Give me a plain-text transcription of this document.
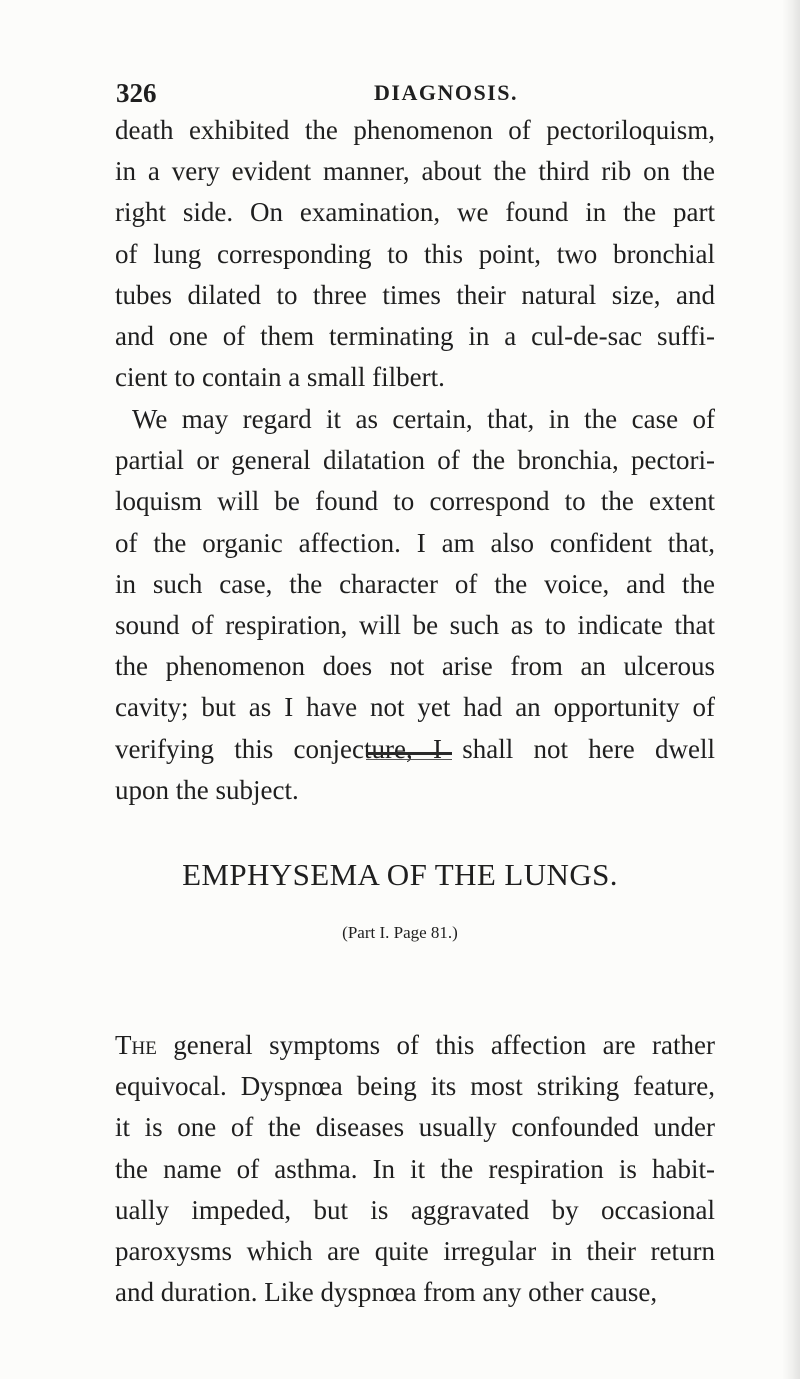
326	DIAGNOSIS.
death exhibited the phenomenon of pectoriloquism,
in a very evident manner, about the third rib on the
right side. On examination, we found in the part
of lung corresponding to this point, two bronchial
tubes dilated to three times their natural size, and
and one of them terminating in a cul-de-sac suffi-
cient to contain a small filbert.
We may regard it as certain, that, in the case of
partial or general dilatation of the bronchia, pectori-
loquism will be found to correspond to the extent
of the organic affection. I am also confident that,
in such case, the character of the voice, and the
sound of respiration, will be such as to indicate that
the phenomenon does not arise from an ulcerous
cavity; but as I have not yet had an opportunity of
verifying this conjecture, I shall not here dwell
upon the subject.
EMPHYSEMA OF THE LUNGS.
(Part I. Page 81.)
The general symptoms of this affection are rather
equivocal. Dyspnœa being its most striking feature,
it is one of the diseases usually confounded under
the name of asthma. In it the respiration is habit-
ually impeded, but is aggravated by occasional
paroxysms which are quite irregular in their return
and duration. Like dyspnœa from any other cause,
